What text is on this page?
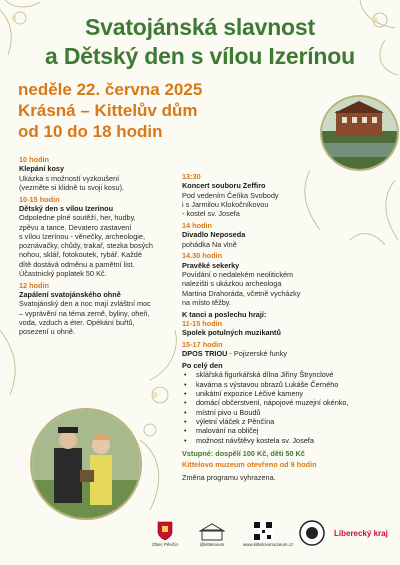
Svatojánská slavnost
a Dětský den s vílou Izerínou
neděle 22. června 2025
Krásná – Kittelův dům
od 10 do 18 hodin
10 hodin
Klepání kosy
Ukázka s možností vyzkoušení
(vezměte si klidně tu svoji kosu).
10-15 hodin
Dětský den s vílou Izerínou
Odpoledne plné soutěží, her, hudby,
zpěvu a tance. Devatero zastavení
s vílou Izerínou - věnečky, archeologie,
poznávačky, chůdy, trakař, stezka bosých
nohou, sklář, fotokoutek, rybář. Každé
dítě dostává odměnu a pamětní list.
Účastnický poplatek 50 Kč.
12 hodin
Zapálení svatojánského ohně
Svatojánský den a noc mají zvláštní moc
– vyprávění na téma země, byliny, oheň,
voda, vzduch a éter. Opékání buřtů,
posezení u ohně.
13:30
Koncert souboru Zeffiro
Pod vedením Čeňka Svobody
i s Jarmilou Klokočníkovou
- kostel sv. Josefa
14 hodin
Divadlo Neposeda
pohádka Na vlně
14.30 hodin
Pravěké sekerky
Povídání o nedalekém neolitickém
nalezišti s ukázkou archeologa
Martina Drahoráda, včetně vycházky
na místo těžby.
K tanci a poslechu hrají:
11-15 hodin
Spolek potulných muzikantů
15-17 hodin
DPOS TRIOU - Pojizerské funky
Po celý den
• sklářská figurkářská dílna Jiřiny Štrynclové
• kavárna s výstavou obrazů Lukáše Černého
• unikátní expozice Léčivé kameny
• domácí občerstvení, nápojové muzejní okénko,
• místní pivo u Boudů
• výletní vláček z Pěnčína
• malování na obličej
• možnost návštěvy kostela sv. Josefa
Vstupné: dospělí 100 Kč, děti 50 Kč
Kittelovo muzeum otevřeno od 9 hodin
Změna programu vyhrazena.
Obec Pěnčín	@kittelovum	www.kittelovomuzeum.cz
Liberecký kraj
